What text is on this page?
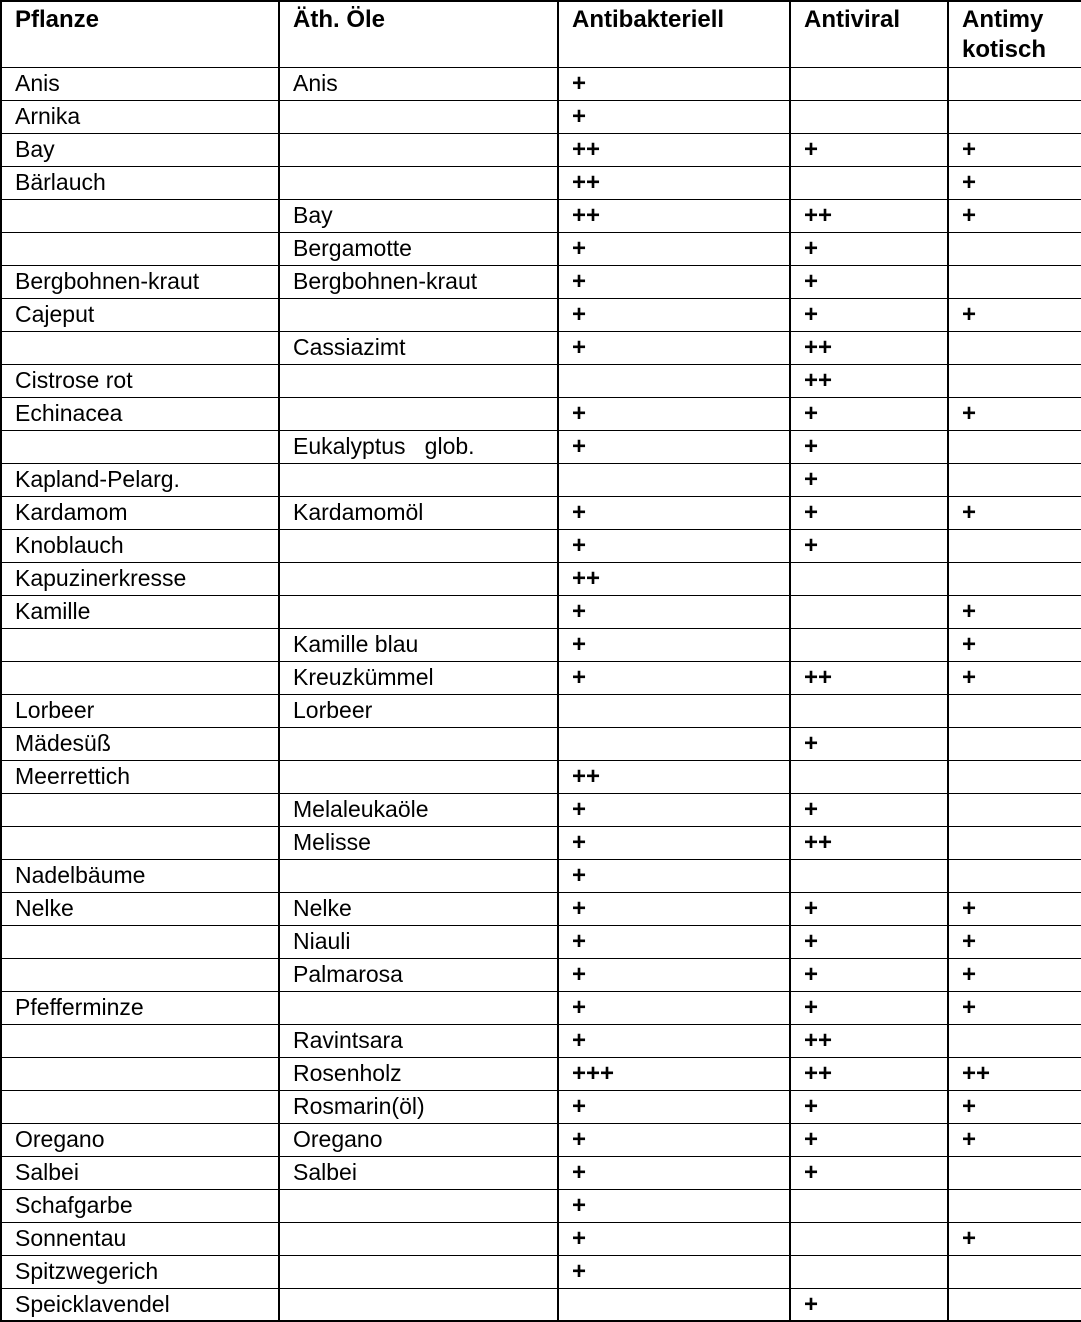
Pflanze	Äth. Öle	Antibakteriell	Antiviral	Antimy kotisch
Anis	Anis	+		
Arnika		+		
Bay		++	+	+
Bärlauch		++		+
	Bay	++	++	+
	Bergamotte	+	+	
Bergbohnen-kraut	Bergbohnen-kraut	+	+	
Cajeput		+	+	+
	Cassiazimt	+	++	
Cistrose rot			++	
Echinacea		+	+	+
	Eukalyptus   glob.	+	+	
Kapland-Pelarg.			+	
Kardamom	Kardamomöl	+	+	+
Knoblauch		+	+	
Kapuzinerkresse		++		
Kamille		+		+
	Kamille blau	+		+
	Kreuzkümmel	+	++	+
Lorbeer	Lorbeer			
Mädesüß			+	
Meerrettich		++		
	Melaleukaöle	+	+	
	Melisse	+	++	
Nadelbäume		+		
Nelke	Nelke	+	+	+
	Niauli	+	+	+
	Palmarosa	+	+	+
Pfefferminze		+	+	+
	Ravintsara	+	++	
	Rosenholz	+++	++	++
	Rosmarin(öl)	+	+	+
Oregano	Oregano	+	+	+
Salbei	Salbei	+	+	
Schafgarbe		+		
Sonnentau		+		+
Spitzwegerich		+		
Speicklavendel			+	
